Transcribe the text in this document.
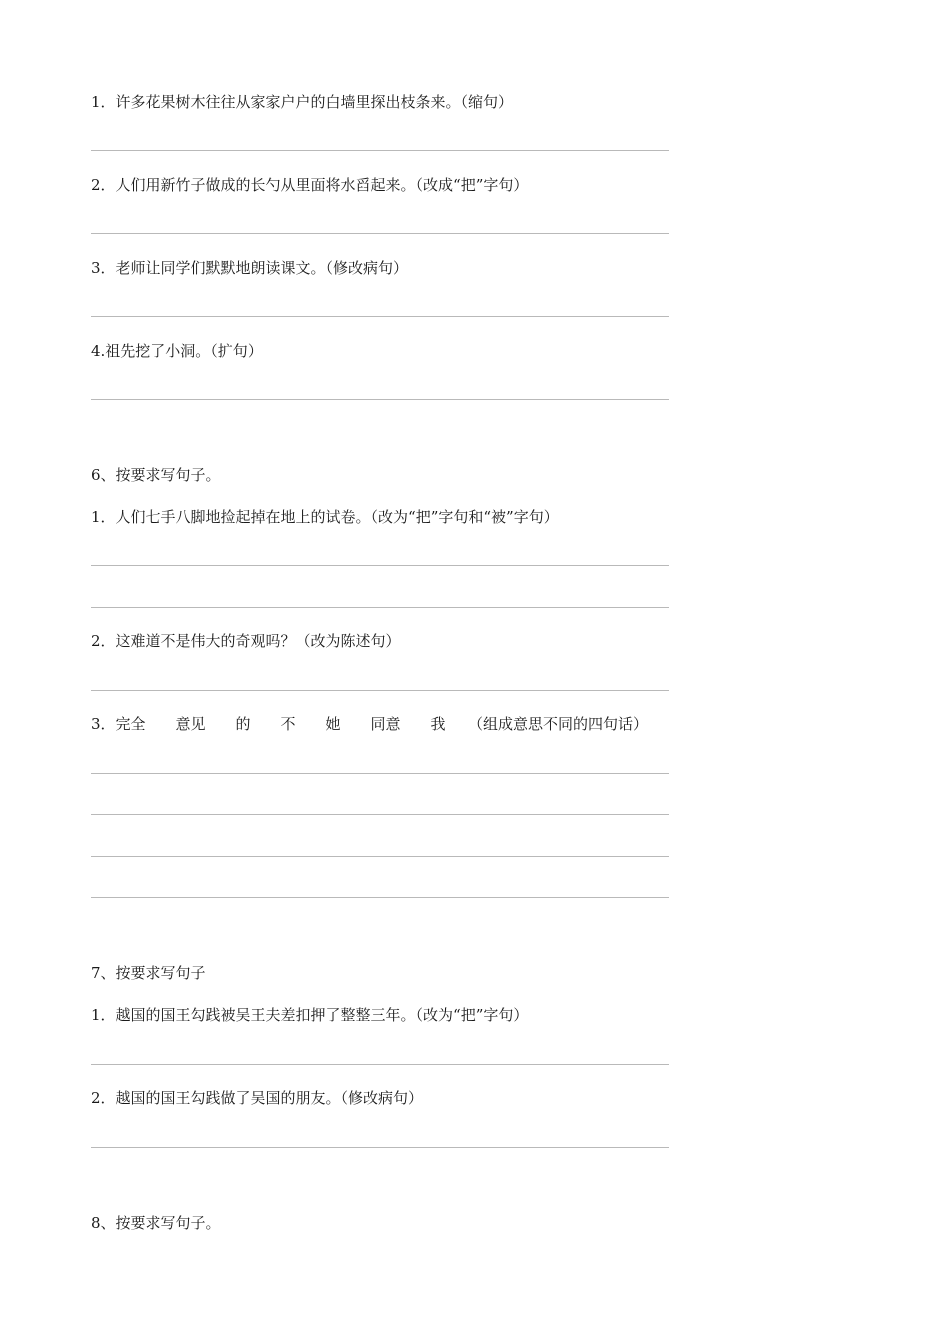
1．许多花果树木往往从家家户户的白墙里探出枝条来。（缩句）
2．人们用新竹子做成的长勺从里面将水舀起来。（改成“把”字句）
3．老师让同学们默默地朗读课文。（修改病句）
4.祖先挖了小洞。（扩句）
6、按要求写句子。
1．人们七手八脚地捡起掉在地上的试卷。（改为“把”字句和“被”字句）
2．这难道不是伟大的奇观吗？（改为陈述句）
3．完全　　意见　　的　　不　　她　　同意　　我　　（组成意思不同的四句话）
7、按要求写句子
1．越国的国王勾践被吴王夫差扣押了整整三年。（改为“把”字句）
2．越国的国王勾践做了吴国的朋友。（修改病句）
8、按要求写句子。
